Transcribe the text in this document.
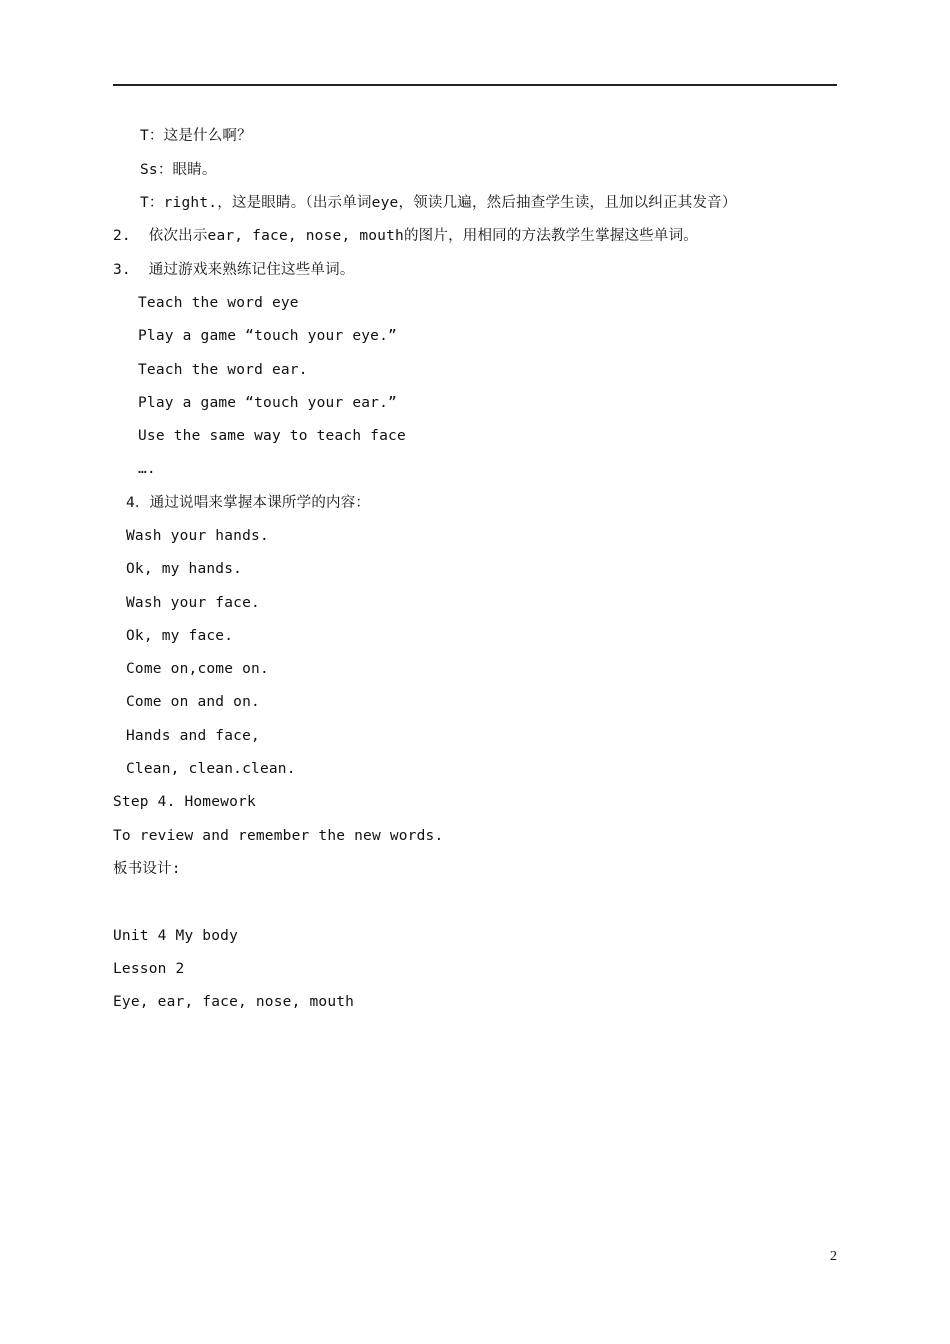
T：这是什么啊？
Ss：眼睛。
T：right.，这是眼睛。（出示单词eye，领读几遍，然后抽查学生读，且加以纠正其发音）
2.  依次出示ear, face, nose, mouth的图片，用相同的方法教学生掌握这些单词。
3.  通过游戏来熟练记住这些单词。
Teach the word eye
Play a game “touch your eye.”
Teach the word ear.
Play a game “touch your ear.”
Use the same way to teach face
….
4．通过说唱来掌握本课所学的内容：
Wash your hands.
Ok, my hands.
Wash your face.
Ok, my face.
Come on,come on.
Come on and on.
Hands and face,
Clean, clean.clean.
Step 4. Homework
To review and remember the new words.
板书设计:
Unit 4 My body
Lesson 2
Eye, ear, face, nose, mouth
2
